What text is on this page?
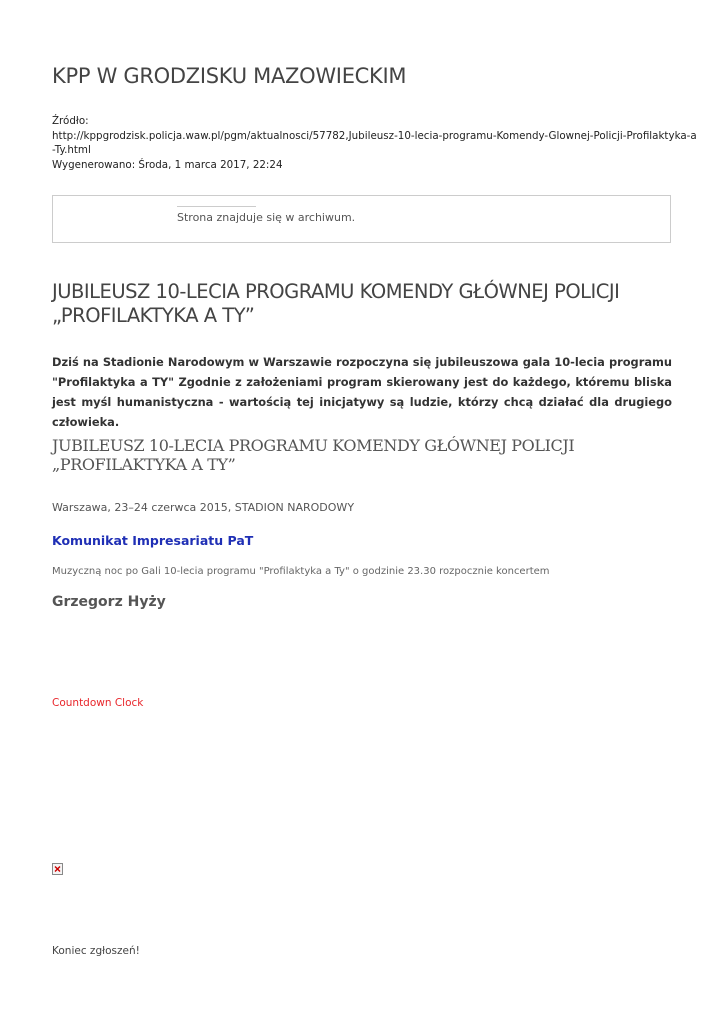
KPP W GRODZISKU MAZOWIECKIM
Źródło:
http://kppgrodzisk.policja.waw.pl/pgm/aktualnosci/57782,Jubileusz-10-lecia-programu-Komendy-Glownej-Policji-Profilaktyka-a
-Ty.html
Wygenerowano: Środa, 1 marca 2017, 22:24
Strona znajduje się w archiwum.
JUBILEUSZ 10-LECIA PROGRAMU KOMENDY GŁÓWNEJ POLICJI
„PROFILAKTYKA A TY”

Dziś na Stadionie Narodowym w Warszawie rozpoczyna się jubileuszowa gala 10-lecia programu "Profilaktyka a TY" Zgodnie z założeniami program skierowany jest do każdego, któremu bliska jest myśl humanistyczna - wartością tej inicjatywy są ludzie, którzy chcą działać dla drugiego człowieka.

JUBILEUSZ 10-LECIA PROGRAMU KOMENDY GŁÓWNEJ POLICJI
„PROFILAKTYKA A TY”
Warszawa, 23–24 czerwca 2015, STADION NARODOWY
Komunikat Impresariatu PaT
Muzyczną noc po Gali 10-lecia programu "Profilaktyka a Ty" o godzinie 23.30 rozpocznie koncertem
Grzegorz Hyży
Countdown Clock
Koniec zgłoszeń!
